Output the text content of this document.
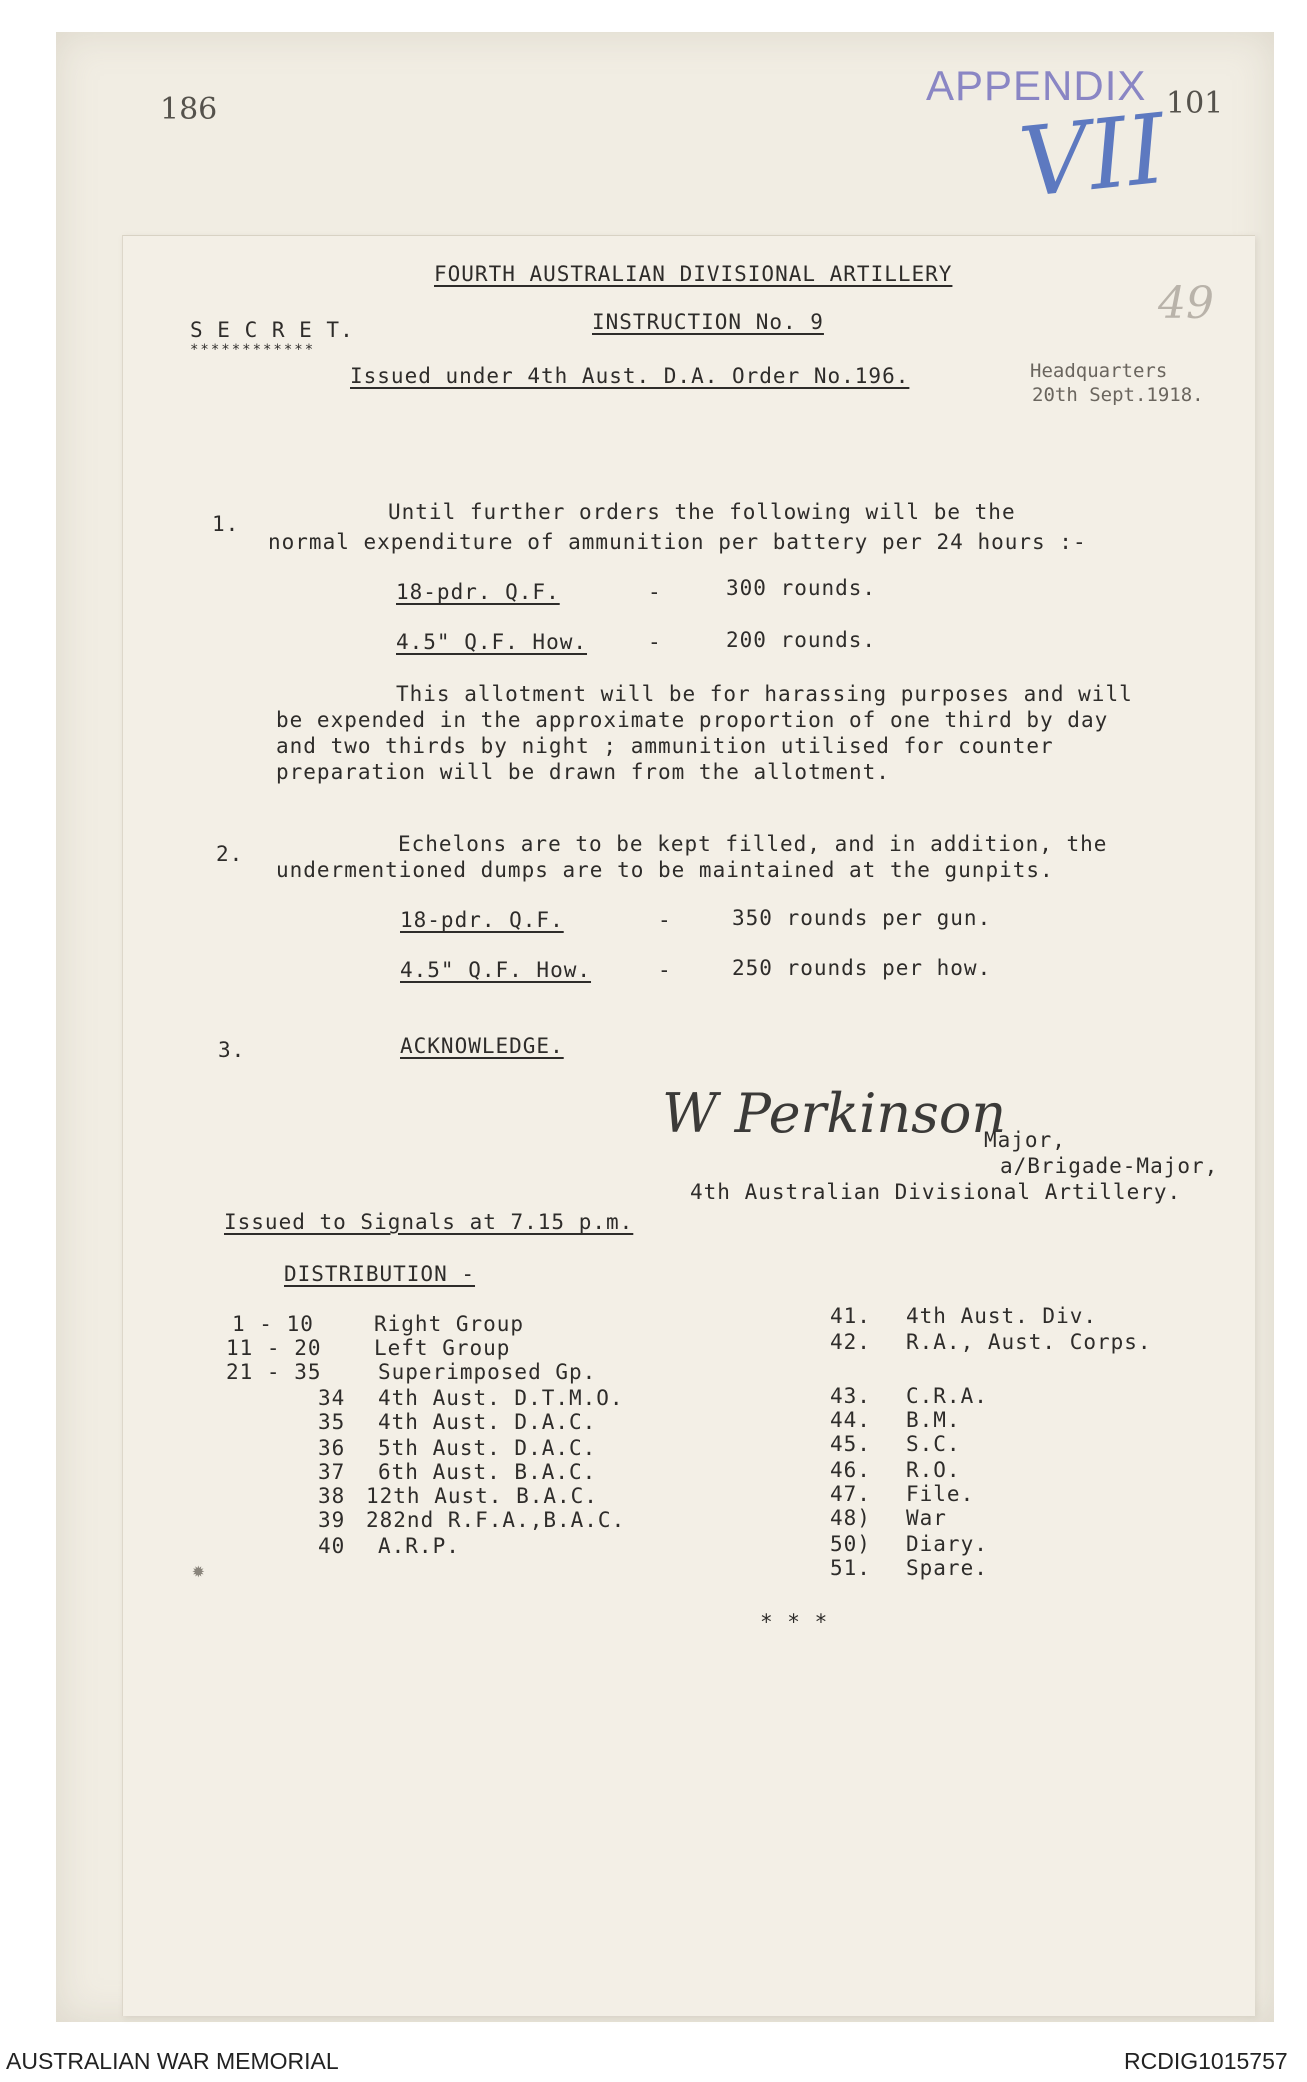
186	101
APPENDIX
VII
49
FOURTH AUSTRALIAN DIVISIONAL ARTILLERY
S E C R E T.
************
INSTRUCTION No. 9
Issued under 4th Aust. D.A. Order No.196.	Headquarters
20th Sept.1918.
1.	Until further orders the following will be the
normal expenditure of ammunition per battery per 24 hours :-
18-pdr. Q.F.	-	300 rounds.
4.5" Q.F. How.	-	200 rounds.
This allotment will be for harassing purposes and will
be expended in the approximate proportion of one third by day
and two thirds by night ; ammunition utilised for counter
preparation will be drawn from the allotment.
2.	Echelons are to be kept filled, and in addition, the
undermentioned dumps are to be maintained at the gunpits.
18-pdr. Q.F.	-	350 rounds per gun.
4.5" Q.F. How.	-	250 rounds per how.
3.	ACKNOWLEDGE.
W Perkinson
Major,
a/Brigade-Major,
4th Australian Divisional Artillery.
Issued to Signals at 7.15 p.m.
DISTRIBUTION -
1 - 10	Right Group
11 - 20 Left Group
21 - 35	Superimposed Gp.
34 4th Aust. D.T.M.O.
35 4th Aust. D.A.C.
36 5th Aust. D.A.C.
37 6th Aust. B.A.C.
38 12th Aust. B.A.C.
39 282nd R.F.A.,B.A.C.
40 A.R.P.
41. 4th Aust. Div.
42. R.A., Aust. Corps.
43. C.R.A.
44. B.M.
45. S.C.
46. R.O.
47. File.
48) War
50) Diary.
51. Spare.
✹
* * *
AUSTRALIAN WAR MEMORIAL	RCDIG1015757
